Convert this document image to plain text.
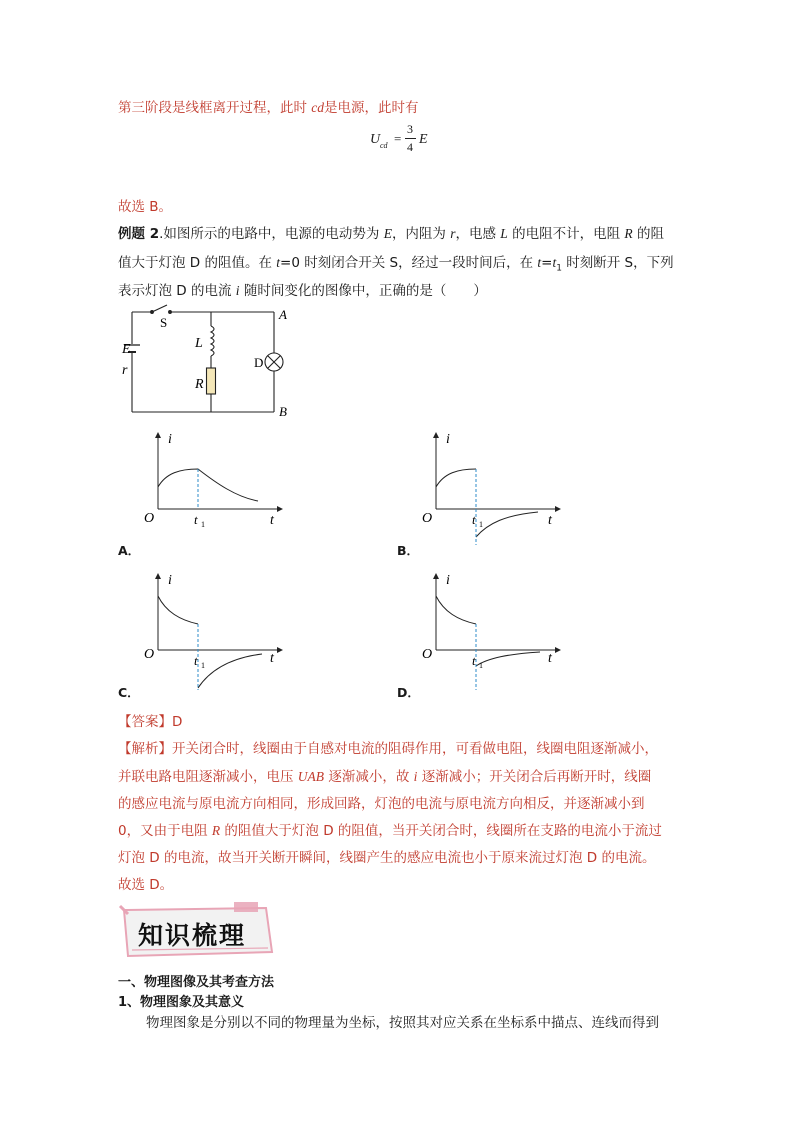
第三阶段是线框离开过程，此时 cd是电源，此时有
U cd =
3
4 E
故选 B。
例题 2.如图所示的电路中，电源的电动势为 E，内阻为 r，电感 L 的电阻不计，电阻 R 的阻
值大于灯泡 D 的阻值。在 t=0 时刻闭合开关 S，经过一段时间后，在 $t=t_1$ 时刻断开 S，下列
表示灯泡 D 的电流 i 随时间变化的图像中，正确的是（　　）
S
E
r
L
R
D
A
B
i
O	t 1	t
A．
i
O	t 1	t
B．
i
O	t 1	t
C．
i
O	t 1	t
D．
【答案】D
【解析】开关闭合时，线圈由于自感对电流的阻碍作用，可看做电阻，线圈电阻逐渐减小，
并联电路电阻逐渐减小，电压 UAB 逐渐减小，故 i 逐渐减小；开关闭合后再断开时，线圈
的感应电流与原电流方向相同，形成回路，灯泡的电流与原电流方向相反，并逐渐减小到
0，又由于电阻 R 的阻值大于灯泡 D 的阻值，当开关闭合时，线圈所在支路的电流小于流过
灯泡 D 的电流，故当开关断开瞬间，线圈产生的感应电流也小于原来流过灯泡 D 的电流。
故选 D。
知识梳理
一、物理图像及其考查方法
1、物理图象及其意义
物理图象是分别以不同的物理量为坐标，按照其对应关系在坐标系中描点、连线而得到
